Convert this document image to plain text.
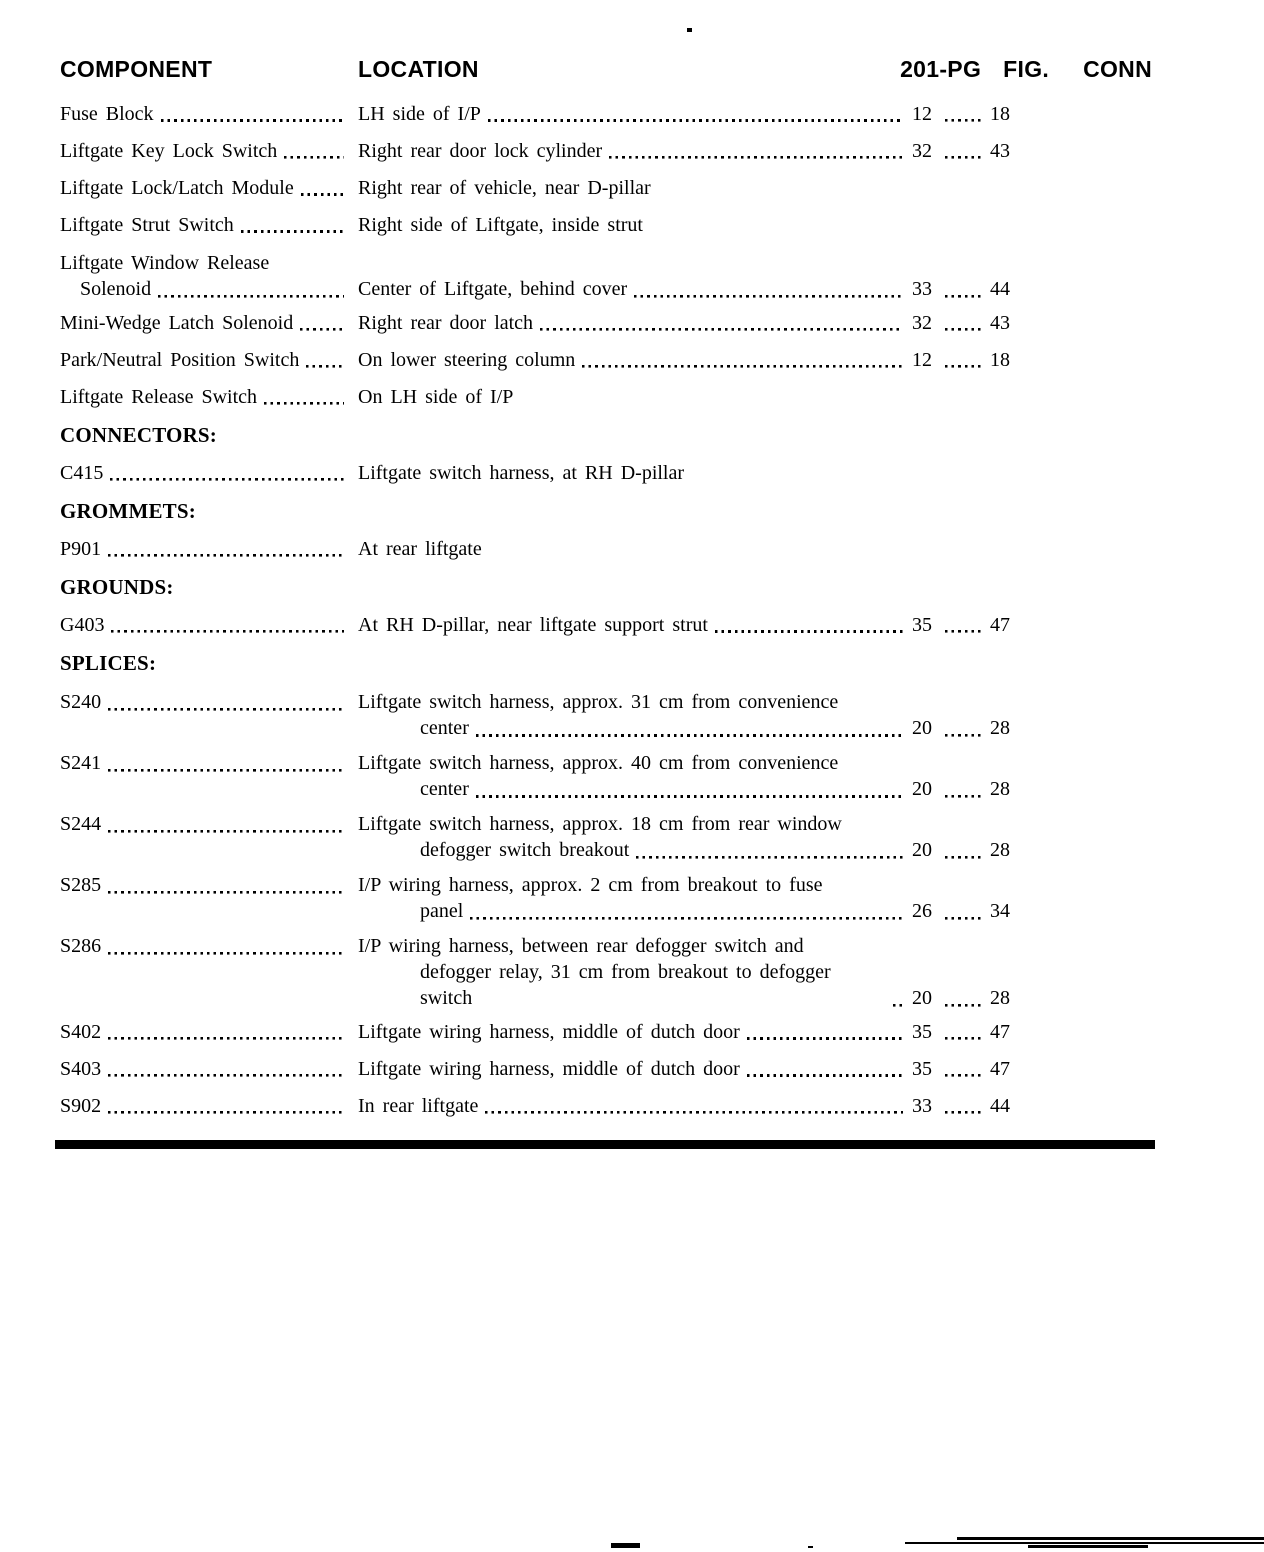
COMPONENT	LOCATION	201-PG FIG. CONN
Fuse Block	LH side of I/P	12	18
Liftgate Key Lock Switch	Right rear door lock cylinder	32	43
Liftgate Lock/Latch Module	Right rear of vehicle, near D-pillar
Liftgate Strut Switch	Right side of Liftgate, inside strut
Liftgate Window Release
Solenoid	Center of Liftgate, behind cover	33	44
Mini-Wedge Latch Solenoid	Right rear door latch	32	43
Park/Neutral Position Switch	On lower steering column	12	18
Liftgate Release Switch	On LH side of I/P
CONNECTORS:
C415	Liftgate switch harness, at RH D-pillar
GROMMETS:
P901	At rear liftgate
GROUNDS:
G403	At RH D-pillar, near liftgate support strut	35	47
SPLICES:
S240	Liftgate switch harness, approx. 31 cm from convenience
center	20	28
S241	Liftgate switch harness, approx. 40 cm from convenience
center	20	28
S244	Liftgate switch harness, approx. 18 cm from rear window
defogger switch breakout	20	28
S285	I/P wiring harness, approx. 2 cm from breakout to fuse
panel	26	34
S286	I/P wiring harness, between rear defogger switch and
defogger relay, 31 cm from breakout to defogger switch	20	28
S402	Liftgate wiring harness, middle of dutch door	35	47
S403	Liftgate wiring harness, middle of dutch door	35	47
S902	In rear liftgate	33	44
